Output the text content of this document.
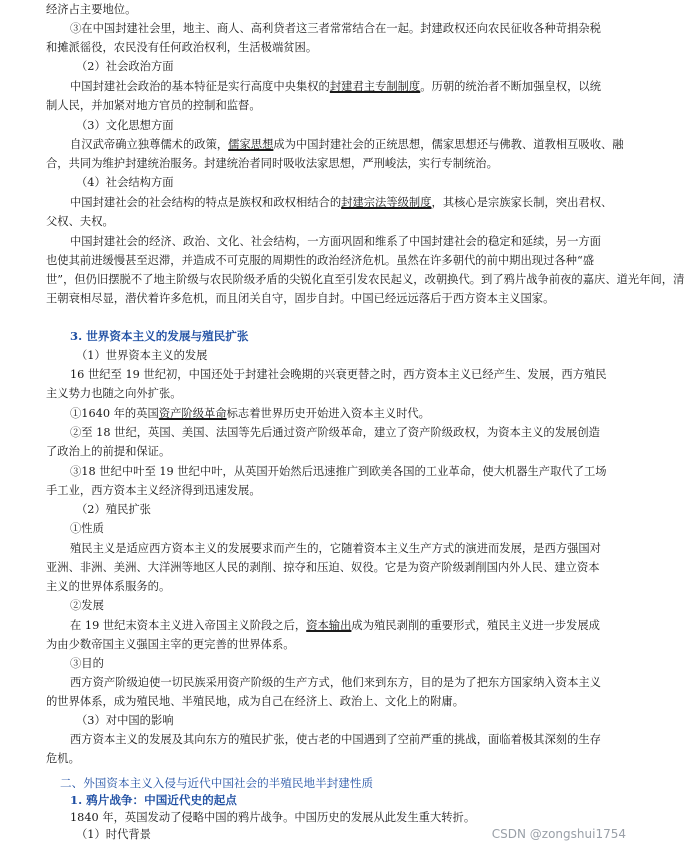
经济占主要地位。
③在中国封建社会里，地主、商人、高利贷者这三者常常结合在一起。封建政权还向农民征收各种苛捐杂税
和摊派徭役，农民没有任何政治权利，生活极端贫困。
（2）社会政治方面
中国封建社会政治的基本特征是实行高度中央集权的封建君主专制制度。历朝的统治者不断加强皇权，以统
制人民，并加紧对地方官员的控制和监督。
（3）文化思想方面
自汉武帝确立独尊儒术的政策，儒家思想成为中国封建社会的正统思想，儒家思想还与佛教、道教相互吸收、融
合，共同为维护封建统治服务。封建统治者同时吸收法家思想，严刑峻法，实行专制统治。
（4）社会结构方面
中国封建社会的社会结构的特点是族权和政权相结合的封建宗法等级制度，其核心是宗族家长制，突出君权、
父权、夫权。
中国封建社会的经济、政治、文化、社会结构，一方面巩固和维系了中国封建社会的稳定和延续，另一方面
也使其前进缓慢甚至迟滞，并造成不可克服的周期性的政治经济危机。虽然在许多朝代的前中期出现过各种“盛
世”，但仍旧摆脱不了地主阶级与农民阶级矛盾的尖锐化直至引发农民起义，改朝换代。到了鸦片战争前夜的嘉庆、道光年间，清
王朝衰相尽显，潜伏着许多危机，而且闭关自守，固步自封。中国已经远远落后于西方资本主义国家。
3. 世界资本主义的发展与殖民扩张
（1）世界资本主义的发展
16 世纪至 19 世纪初，中国还处于封建社会晚期的兴衰更替之时，西方资本主义已经产生、发展，西方殖民
主义势力也随之向外扩张。
①1640 年的英国资产阶级革命标志着世界历史开始进入资本主义时代。
②至 18 世纪，英国、美国、法国等先后通过资产阶级革命，建立了资产阶级政权，为资本主义的发展创造
了政治上的前提和保证。
③18 世纪中叶至 19 世纪中叶，从英国开始然后迅速推广到欧美各国的工业革命，使大机器生产取代了工场
手工业，西方资本主义经济得到迅速发展。
（2）殖民扩张
①性质
殖民主义是适应西方资本主义的发展要求而产生的，它随着资本主义生产方式的演进而发展，是西方强国对
亚洲、非洲、美洲、大洋洲等地区人民的剥削、掠夺和压迫、奴役。它是为资产阶级剥削国内外人民、建立资本
主义的世界体系服务的。
②发展
在 19 世纪末资本主义进入帝国主义阶段之后，资本输出成为殖民剥削的重要形式，殖民主义进一步发展成
为由少数帝国主义强国主宰的更完善的世界体系。
③目的
西方资产阶级迫使一切民族采用资产阶级的生产方式，他们来到东方，目的是为了把东方国家纳入资本主义
的世界体系，成为殖民地、半殖民地，成为自己在经济上、政治上、文化上的附庸。
（3）对中国的影响
西方资本主义的发展及其向东方的殖民扩张，使古老的中国遇到了空前严重的挑战，面临着极其深刻的生存
危机。
二、外国资本主义入侵与近代中国社会的半殖民地半封建性质
1. 鸦片战争：中国近代史的起点
1840 年，英国发动了侵略中国的鸦片战争。中国历史的发展从此发生重大转折。
（1）时代背景	CSDN @zongshui1754
